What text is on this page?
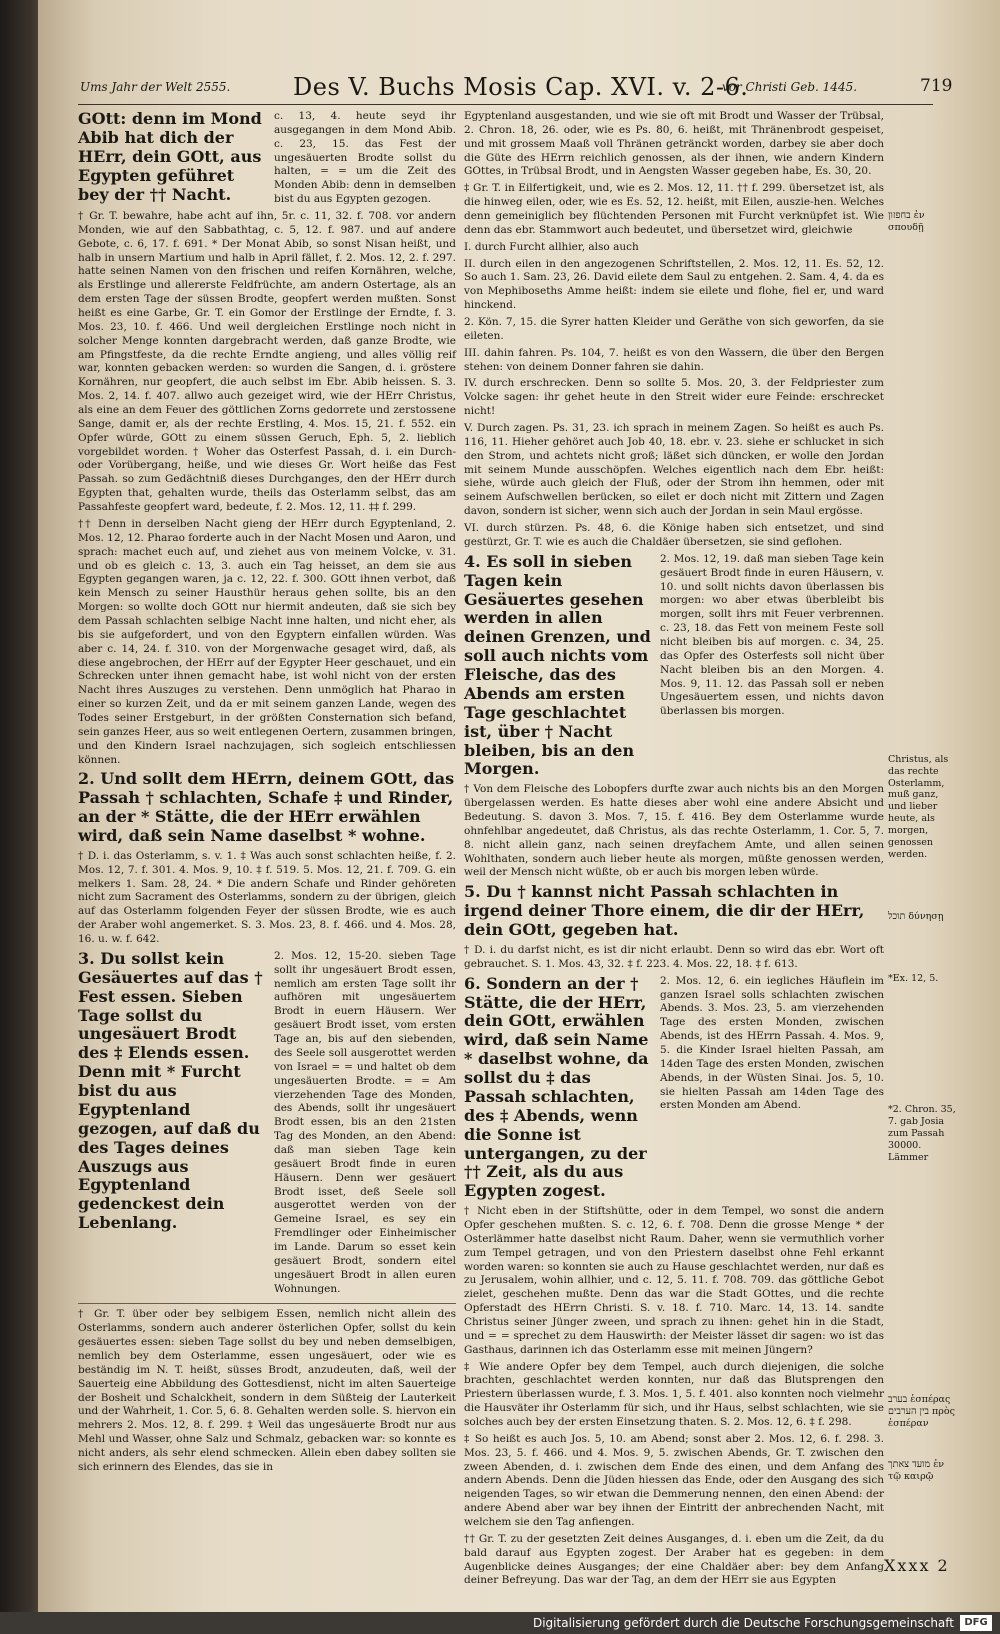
Ums Jahr der Welt 2555.	Des V. Buchs Mosis Cap. XVI. v. 2-6.
vor Christi Geb. 1445.	719
GOtt: denn im Mond Abib hat dich der HErr, dein GOtt, aus Egypten geführet bey der †† Nacht.
c. 13, 4. heute seyd ihr ausgegangen in dem Mond Abib. c. 23, 15. das Fest der ungesäuerten Brodte sollst du halten, = = um die Zeit des Monden Abib: denn in demselben bist du aus Egypten gezogen.

† Gr. T. bewahre, habe acht auf ihn, 5r. c. 11, 32. f. 708. vor andern Monden, wie auf den Sabbathtag, c. 5, 12. f. 987. und auf andere Gebote, c. 6, 17. f. 691. * Der Monat Abib, so sonst Nisan heißt, und halb in unsern Martium und halb in April fället, f. 2. Mos. 12, 2. f. 297. hatte seinen Namen von den frischen und reifen Kornähren, welche, als Erstlinge und allererste Feldfrüchte, am andern Ostertage, als an dem ersten Tage der süssen Brodte, geopfert werden mußten. Sonst heißt es eine Garbe, Gr. T. ein Gomor der Erstlinge der Erndte, f. 3. Mos. 23, 10. f. 466. Und weil dergleichen Erstlinge noch nicht in solcher Menge konnten dargebracht werden, daß ganze Brodte, wie am Pfingstfeste, da die rechte Erndte angieng, und alles völlig reif war, konnten gebacken werden: so wurden die Sangen, d. i. gröstere Kornähren, nur geopfert, die auch selbst im Ebr. Abib heissen. S. 3. Mos. 2, 14. f. 407. allwo auch gezeiget wird, wie der HErr Christus, als eine an dem Feuer des göttlichen Zorns gedorrete und zerstossene Sange, damit er, als der rechte Erstling, 4. Mos. 15, 21. f. 552. ein Opfer würde, GOtt zu einem süssen Geruch, Eph. 5, 2. lieblich vorgebildet worden. † Woher das Osterfest Passah, d. i. ein Durch- oder Vorübergang, heiße, und wie dieses Gr. Wort heiße das Fest Passah. so zum Gedächtniß dieses Durchganges, den der HErr durch Egypten that, gehalten wurde, theils das Osterlamm selbst, das am Passahfeste geopfert ward, bedeute, f. 2. Mos. 12, 11. ‡‡ f. 299.

†† Denn in derselben Nacht gieng der HErr durch Egyptenland, 2. Mos. 12, 12. Pharao forderte auch in der Nacht Mosen und Aaron, und sprach: machet euch auf, und ziehet aus von meinem Volcke, v. 31. und ob es gleich c. 13, 3. auch ein Tag heisset, an dem sie aus Egypten gegangen waren, ja c. 12, 22. f. 300. GOtt ihnen verbot, daß kein Mensch zu seiner Hausthür heraus gehen sollte, bis an den Morgen: so wollte doch GOtt nur hiermit andeuten, daß sie sich bey dem Passah schlachten selbige Nacht inne halten, und nicht eher, als bis sie aufgefordert, und von den Egyptern einfallen würden. Was aber c. 14, 24. f. 310. von der Morgenwache gesaget wird, daß, als diese angebrochen, der HErr auf der Egypter Heer geschauet, und ein Schrecken unter ihnen gemacht habe, ist wohl nicht von der ersten Nacht ihres Auszuges zu verstehen. Denn unmöglich hat Pharao in einer so kurzen Zeit, und da er mit seinem ganzen Lande, wegen des Todes seiner Erstgeburt, in der größten Consternation sich befand, sein ganzes Heer, aus so weit entlegenen Oertern, zusammen bringen, und den Kindern Israel nachzujagen, sich sogleich entschliessen können.

2. Und sollt dem HErrn, deinem GOtt, das Passah † schlachten, Schafe ‡ und Rinder, an der * Stätte, die der HErr erwählen wird, daß sein Name daselbst * wohne.

† D. i. das Osterlamm, s. v. 1. ‡ Was auch sonst schlachten heiße, f. 2. Mos. 12, 7. f. 301. 4. Mos. 9, 10. ‡ f. 519. 5. Mos. 12, 21. f. 709. G. ein melkers 1. Sam. 28, 24. * Die andern Schafe und Rinder gehöreten nicht zum Sacrament des Osterlamms, sondern zu der übrigen, gleich auf das Osterlamm folgenden Feyer der süssen Brodte, wie es auch der Araber wohl angemerket. S. 3. Mos. 23, 8. f. 466. und 4. Mos. 28, 16. u. w. f. 642.

3. Du sollst kein Gesäuertes auf das † Fest essen. Sieben Tage sollst du ungesäuert Brodt des ‡ Elends essen. Denn mit * Furcht bist du aus Egyptenland gezogen, auf daß du des Tages deines Auszugs aus Egyptenland gedenckest dein Lebenlang.
2. Mos. 12, 15-20. sieben Tage sollt ihr ungesäuert Brodt essen, nemlich am ersten Tage sollt ihr aufhören mit ungesäuertem Brodt in euern Häusern. Wer gesäuert Brodt isset, vom ersten Tage an, bis auf den siebenden, des Seele soll ausgerottet werden von Israel = = und haltet ob dem ungesäuerten Brodte. = = Am vierzehenden Tage des Monden, des Abends, sollt ihr ungesäuert Brodt essen, bis an den 21sten Tag des Monden, an den Abend: daß man sieben Tage kein gesäuert Brodt finde in euren Häusern. Denn wer gesäuert Brodt isset, deß Seele soll ausgerottet werden von der Gemeine Israel, es sey ein Fremdlinger oder Einheimischer im Lande. Darum so esset kein gesäuert Brodt, sondern eitel ungesäuert Brodt in allen euren Wohnungen.

† Gr. T. über oder bey selbigem Essen, nemlich nicht allein des Osterlamms, sondern auch anderer österlichen Opfer, sollst du kein gesäuertes essen: sieben Tage sollst du bey und neben demselbigen, nemlich bey dem Osterlamme, essen ungesäuert, oder wie es beständig im N. T. heißt, süsses Brodt, anzudeuten, daß, weil der Sauerteig eine Abbildung des Gottesdienst, nicht im alten Sauerteige der Bosheit und Schalckheit, sondern in dem Süßteig der Lauterkeit und der Wahrheit, 1. Cor. 5, 6. 8. Gehalten werden solle. S. hiervon ein mehrers 2. Mos. 12, 8. f. 299. ‡ Weil das ungesäuerte Brodt nur aus Mehl und Wasser, ohne Salz und Schmalz, gebacken war: so konnte es nicht anders, als sehr elend schmecken. Allein eben dabey sollten sie sich erinnern des Elendes, das sie in

Egyptenland ausgestanden, und wie sie oft mit Brodt und Wasser der Trübsal, 2. Chron. 18, 26. oder, wie es Ps. 80, 6. heißt, mit Thränenbrodt gespeiset, und mit grossem Maaß voll Thränen getränckt worden, darbey sie aber doch die Güte des HErrn reichlich genossen, als der ihnen, wie andern Kindern GOttes, in Trübsal Brodt, und in Aengsten Wasser gegeben habe, Es. 30, 20.

‡ Gr. T. in Eilfertigkeit, und, wie es 2. Mos. 12, 11. †† f. 299. übersetzet ist, als die hinweg eilen, oder, wie es Es. 52, 12. heißt, mit Eilen, auszie-hen. Welches denn gemeiniglich bey flüchtenden Personen mit Furcht verknüpfet ist. Wie denn das ebr. Stammwort auch bedeutet, und übersetzet wird, gleichwie

I. durch Furcht allhier, also auch

II. durch eilen in den angezogenen Schriftstellen, 2. Mos. 12, 11. Es. 52, 12. So auch 1. Sam. 23, 26. David eilete dem Saul zu entgehen. 2. Sam. 4, 4. da es von Mephiboseths Amme heißt: indem sie eilete und flohe, fiel er, und ward hinckend.

2. Kön. 7, 15. die Syrer hatten Kleider und Geräthe von sich geworfen, da sie eileten.

III. dahin fahren. Ps. 104, 7. heißt es von den Wassern, die über den Bergen stehen: von deinem Donner fahren sie dahin.

IV. durch erschrecken. Denn so sollte 5. Mos. 20, 3. der Feldpriester zum Volcke sagen: ihr gehet heute in den Streit wider eure Feinde: erschrecket nicht!

V. Durch zagen. Ps. 31, 23. ich sprach in meinem Zagen. So heißt es auch Ps. 116, 11. Hieher gehöret auch Job 40, 18. ebr. v. 23. siehe er schlucket in sich den Strom, und achtets nicht groß; läßet sich düncken, er wolle den Jordan mit seinem Munde ausschöpfen. Welches eigentlich nach dem Ebr. heißt: siehe, würde auch gleich der Fluß, oder der Strom ihn hemmen, oder mit seinem Aufschwellen berücken, so eilet er doch nicht mit Zittern und Zagen davon, sondern ist sicher, wenn sich auch der Jordan in sein Maul ergösse.

VI. durch stürzen. Ps. 48, 6. die Könige haben sich entsetzet, und sind gestürzt, Gr. T. wie es auch die Chaldäer übersetzen, sie sind geflohen.

4. Es soll in sieben Tagen kein Gesäuertes gesehen werden in allen deinen Grenzen, und soll auch nichts vom Fleische, das des Abends am ersten Tage geschlachtet ist, über † Nacht bleiben, bis an den Morgen.
2. Mos. 12, 19. daß man sieben Tage kein gesäuert Brodt finde in euren Häusern, v. 10. und sollt nichts davon überlassen bis morgen: wo aber etwas überbleibt bis morgen, sollt ihrs mit Feuer verbrennen. c. 23, 18. das Fett von meinem Feste soll nicht bleiben bis auf morgen. c. 34, 25. das Opfer des Osterfests soll nicht über Nacht bleiben bis an den Morgen. 4. Mos. 9, 11. 12. das Passah soll er neben Ungesäuertem essen, und nichts davon überlassen bis morgen.

† Von dem Fleische des Lobopfers durfte zwar auch nichts bis an den Morgen übergelassen werden. Es hatte dieses aber wohl eine andere Absicht und Bedeutung. S. davon 3. Mos. 7, 15. f. 416. Bey dem Osterlamme wurde ohnfehlbar angedeutet, daß Christus, als das rechte Osterlamm, 1. Cor. 5, 7. 8. nicht allein ganz, nach seinen dreyfachem Amte, und allen seinen Wohlthaten, sondern auch lieber heute als morgen, müßte genossen werden, weil der Mensch nicht wüßte, ob er auch bis morgen leben würde.

5. Du † kannst nicht Passah schlachten in irgend deiner Thore einem, die dir der HErr, dein GOtt, gegeben hat.

† D. i. du darfst nicht, es ist dir nicht erlaubt. Denn so wird das ebr. Wort oft gebrauchet. S. 1. Mos. 43, 32. ‡ f. 223. 4. Mos. 22, 18. ‡ f. 613.

6. Sondern an der † Stätte, die der HErr, dein GOtt, erwählen wird, daß sein Name * daselbst wohne, da sollst du ‡ das Passah schlachten, des ‡ Abends, wenn die Sonne ist untergangen, zu der †† Zeit, als du aus Egypten zogest.
2. Mos. 12, 6. ein iegliches Häuflein im ganzen Israel solls schlachten zwischen Abends. 3. Mos. 23, 5. am vierzehenden Tage des ersten Monden, zwischen Abends, ist des HErrn Passah. 4. Mos. 9, 5. die Kinder Israel hielten Passah, am 14den Tage des ersten Monden, zwischen Abends, in der Wüsten Sinai. Jos. 5, 10. sie hielten Passah am 14den Tage des ersten Monden am Abend.

† Nicht eben in der Stiftshütte, oder in dem Tempel, wo sonst die andern Opfer geschehen mußten. S. c. 12, 6. f. 708. Denn die grosse Menge * der Osterlämmer hatte daselbst nicht Raum. Daher, wenn sie vermuthlich vorher zum Tempel getragen, und von den Priestern daselbst ohne Fehl erkannt worden waren: so konnten sie auch zu Hause geschlachtet werden, nur daß es zu Jerusalem, wohin allhier, und c. 12, 5. 11. f. 708. 709. das göttliche Gebot zielet, geschehen mußte. Denn das war die Stadt GOttes, und die rechte Opferstadt des HErrn Christi. S. v. 18. f. 710. Marc. 14, 13. 14. sandte Christus seiner Jünger zween, und sprach zu ihnen: gehet hin in die Stadt, und = = sprechet zu dem Hauswirth: der Meister lässet dir sagen: wo ist das Gasthaus, darinnen ich das Osterlamm esse mit meinen Jüngern?

‡ Wie andere Opfer bey dem Tempel, auch durch diejenigen, die solche brachten, geschlachtet werden konnten, nur daß das Blutsprengen den Priestern überlassen wurde, f. 3. Mos. 1, 5. f. 401. also konnten noch vielmehr die Hausväter ihr Osterlamm für sich, und ihr Haus, selbst schlachten, wie sie solches auch bey der ersten Einsetzung thaten. S. 2. Mos. 12, 6. ‡ f. 298.

‡ So heißt es auch Jos. 5, 10. am Abend; sonst aber 2. Mos. 12, 6. f. 298. 3. Mos. 23, 5. f. 466. und 4. Mos. 9, 5. zwischen Abends, Gr. T. zwischen den zween Abenden, d. i. zwischen dem Ende des einen, und dem Anfang des andern Abends. Denn die Jüden hiessen das Ende, oder den Ausgang des sich neigenden Tages, so wir etwan die Demmerung nennen, den einen Abend: der andere Abend aber war bey ihnen der Eintritt der anbrechenden Nacht, mit welchem sie den Tag anfiengen.

†† Gr. T. zu der gesetzten Zeit deines Ausganges, d. i. eben um die Zeit, da du bald darauf aus Egypten zogest. Der Araber hat es gegeben: in dem Augenblicke deines Ausganges; der eine Chaldäer aber: bey dem Anfang deiner Befreyung. Das war der Tag, an dem der HErr sie aus Egypten

בחפזון ἐν σπουδῇ
Christus, als das rechte Osterlamm, muß ganz, und lieber heute, als morgen, genossen werden.
תוכל δύνησῃ
*Ex. 12, 5.
*2. Chron. 35, 7. gab Josia zum Passah 30000. Lämmer
בערב ἑσπέρας בין הערבים πρὸς ἑσπέραν
מועד צאתך ἐν τῷ καιρῷ
Xxxx 2
Digitalisierung gefördert durch die Deutsche Forschungsgemeinschaft	DFG
